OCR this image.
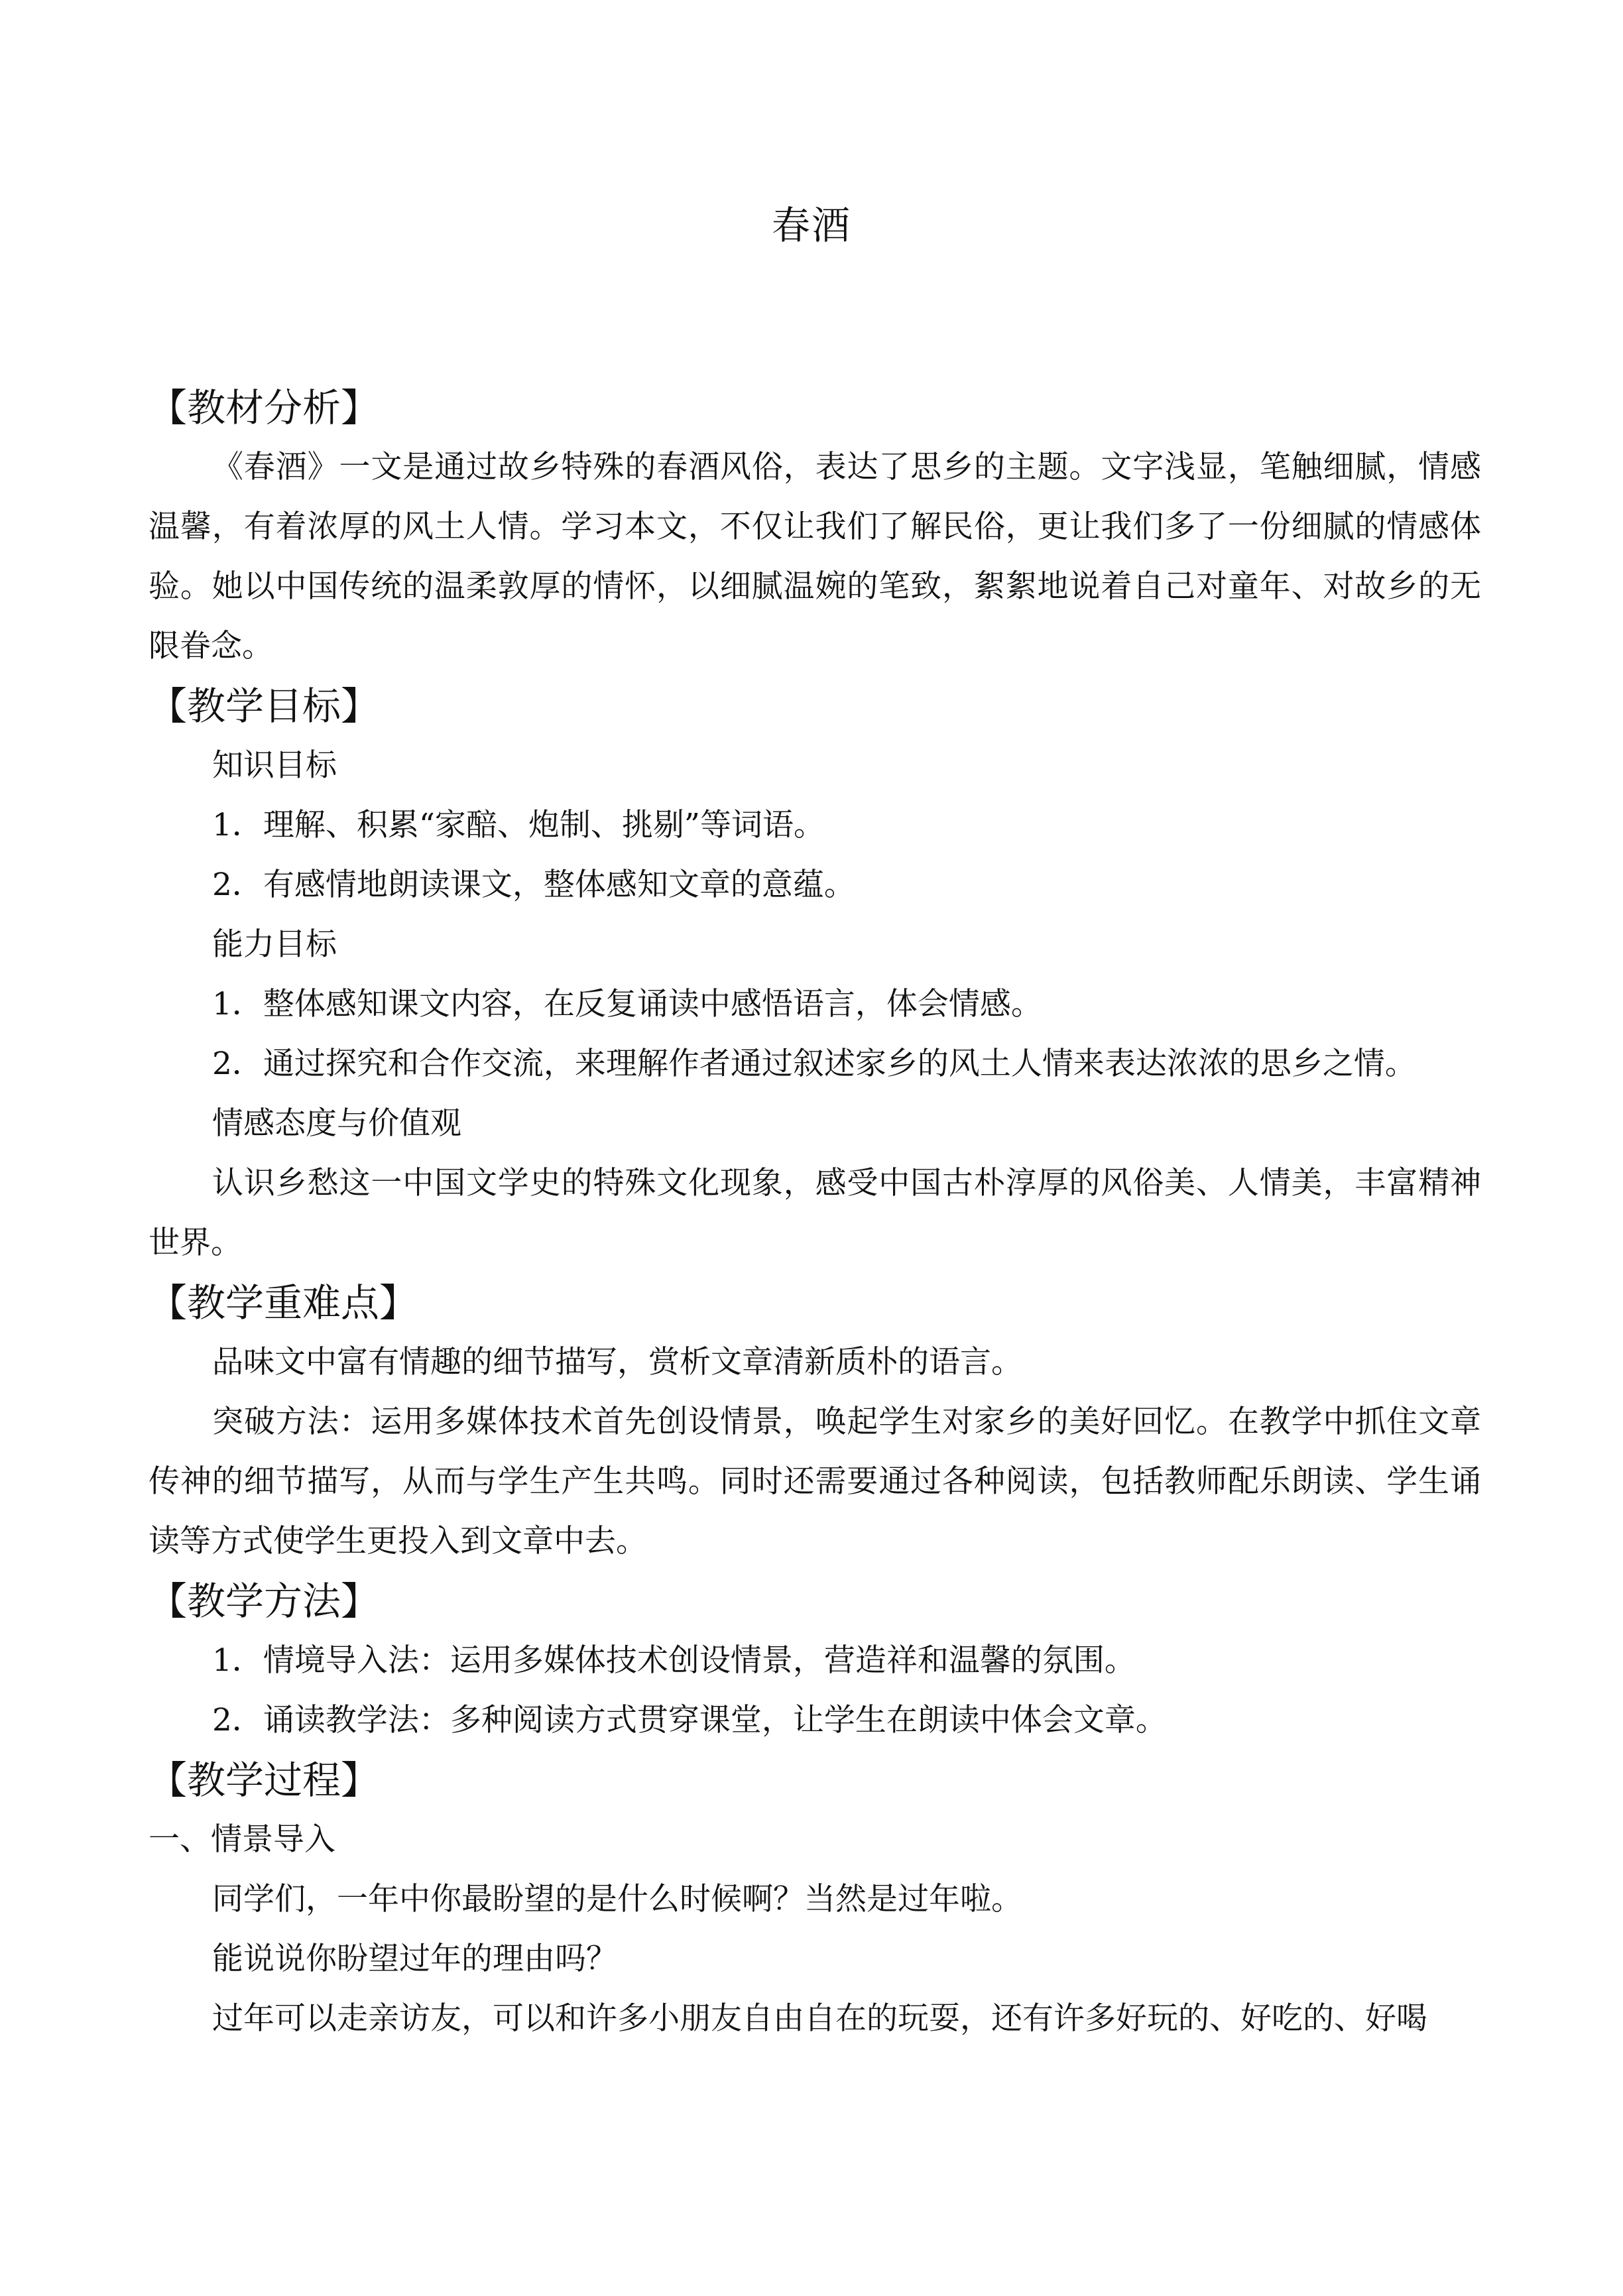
春酒

【教材分析】

《春酒》一文是通过故乡特殊的春酒风俗，表达了思乡的主题。文字浅显，笔触细腻，情感温馨，有着浓厚的风土人情。学习本文，不仅让我们了解民俗，更让我们多了一份细腻的情感体验。她以中国传统的温柔敦厚的情怀，以细腻温婉的笔致，絮絮地说着自己对童年、对故乡的无限眷念。

【教学目标】

知识目标

1．理解、积累“家醅、炮制、挑剔”等词语。

2．有感情地朗读课文，整体感知文章的意蕴。

能力目标

1．整体感知课文内容，在反复诵读中感悟语言，体会情感。

2．通过探究和合作交流，来理解作者通过叙述家乡的风土人情来表达浓浓的思乡之情。

情感态度与价值观

认识乡愁这一中国文学史的特殊文化现象，感受中国古朴淳厚的风俗美、人情美，丰富精神世界。

【教学重难点】

品味文中富有情趣的细节描写，赏析文章清新质朴的语言。

突破方法：运用多媒体技术首先创设情景，唤起学生对家乡的美好回忆。在教学中抓住文章传神的细节描写，从而与学生产生共鸣。同时还需要通过各种阅读，包括教师配乐朗读、学生诵读等方式使学生更投入到文章中去。

【教学方法】

1．情境导入法：运用多媒体技术创设情景，营造祥和温馨的氛围。

2．诵读教学法：多种阅读方式贯穿课堂，让学生在朗读中体会文章。

【教学过程】

一、情景导入

同学们，一年中你最盼望的是什么时候啊？当然是过年啦。

能说说你盼望过年的理由吗？

过年可以走亲访友，可以和许多小朋友自由自在的玩耍，还有许多好玩的、好吃的、好喝
